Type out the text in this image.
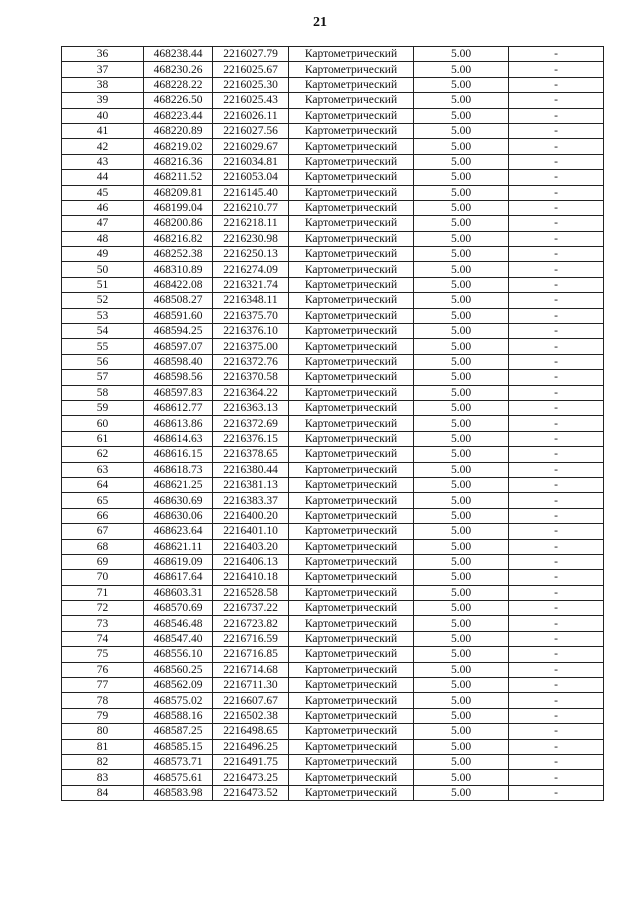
21
36	468238.44	2216027.79	Картометрический	5.00	-
37	468230.26	2216025.67	Картометрический	5.00	-
38	468228.22	2216025.30	Картометрический	5.00	-
39	468226.50	2216025.43	Картометрический	5.00	-
40	468223.44	2216026.11	Картометрический	5.00	-
41	468220.89	2216027.56	Картометрический	5.00	-
42	468219.02	2216029.67	Картометрический	5.00	-
43	468216.36	2216034.81	Картометрический	5.00	-
44	468211.52	2216053.04	Картометрический	5.00	-
45	468209.81	2216145.40	Картометрический	5.00	-
46	468199.04	2216210.77	Картометрический	5.00	-
47	468200.86	2216218.11	Картометрический	5.00	-
48	468216.82	2216230.98	Картометрический	5.00	-
49	468252.38	2216250.13	Картометрический	5.00	-
50	468310.89	2216274.09	Картометрический	5.00	-
51	468422.08	2216321.74	Картометрический	5.00	-
52	468508.27	2216348.11	Картометрический	5.00	-
53	468591.60	2216375.70	Картометрический	5.00	-
54	468594.25	2216376.10	Картометрический	5.00	-
55	468597.07	2216375.00	Картометрический	5.00	-
56	468598.40	2216372.76	Картометрический	5.00	-
57	468598.56	2216370.58	Картометрический	5.00	-
58	468597.83	2216364.22	Картометрический	5.00	-
59	468612.77	2216363.13	Картометрический	5.00	-
60	468613.86	2216372.69	Картометрический	5.00	-
61	468614.63	2216376.15	Картометрический	5.00	-
62	468616.15	2216378.65	Картометрический	5.00	-
63	468618.73	2216380.44	Картометрический	5.00	-
64	468621.25	2216381.13	Картометрический	5.00	-
65	468630.69	2216383.37	Картометрический	5.00	-
66	468630.06	2216400.20	Картометрический	5.00	-
67	468623.64	2216401.10	Картометрический	5.00	-
68	468621.11	2216403.20	Картометрический	5.00	-
69	468619.09	2216406.13	Картометрический	5.00	-
70	468617.64	2216410.18	Картометрический	5.00	-
71	468603.31	2216528.58	Картометрический	5.00	-
72	468570.69	2216737.22	Картометрический	5.00	-
73	468546.48	2216723.82	Картометрический	5.00	-
74	468547.40	2216716.59	Картометрический	5.00	-
75	468556.10	2216716.85	Картометрический	5.00	-
76	468560.25	2216714.68	Картометрический	5.00	-
77	468562.09	2216711.30	Картометрический	5.00	-
78	468575.02	2216607.67	Картометрический	5.00	-
79	468588.16	2216502.38	Картометрический	5.00	-
80	468587.25	2216498.65	Картометрический	5.00	-
81	468585.15	2216496.25	Картометрический	5.00	-
82	468573.71	2216491.75	Картометрический	5.00	-
83	468575.61	2216473.25	Картометрический	5.00	-
84	468583.98	2216473.52	Картометрический	5.00	-
